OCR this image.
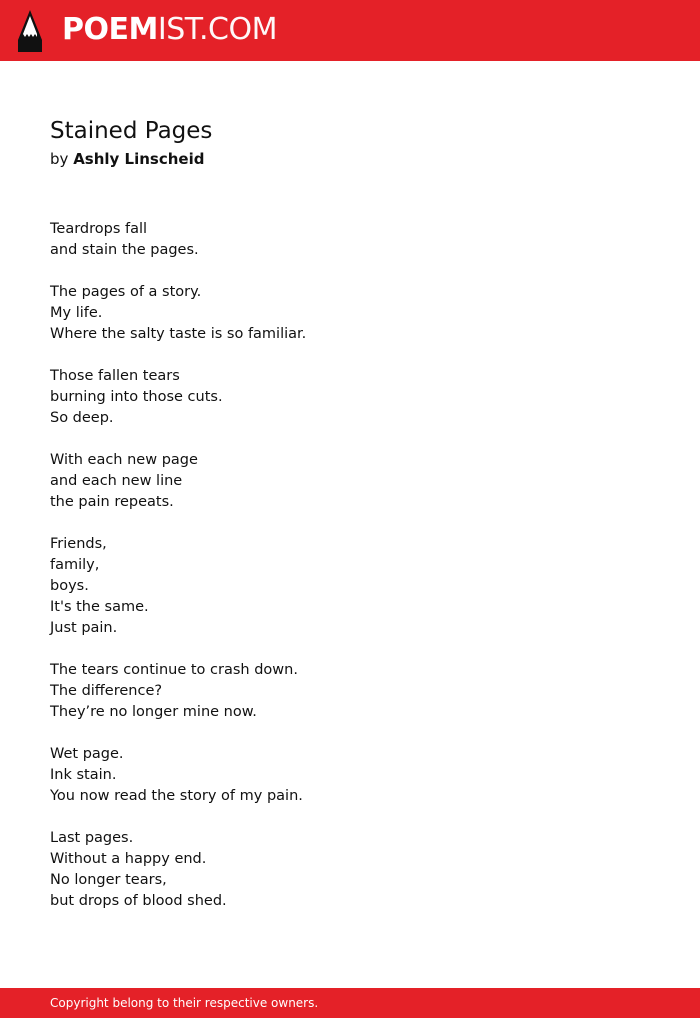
POEMIST.COM
Stained Pages
by Ashly Linscheid
Teardrops fall
and stain the pages.
The pages of a story.
My life.
Where the salty taste is so familiar.
Those fallen tears
burning into those cuts.
So deep.
With each new page
and each new line
the pain repeats.
Friends,
family,
boys.
It's the same.
Just pain.
The tears continue to crash down.
The difference?
They’re no longer mine now.
Wet page.
Ink stain.
You now read the story of my pain.
Last pages.
Without a happy end.
No longer tears,
but drops of blood shed.
Copyright belong to their respective owners.
